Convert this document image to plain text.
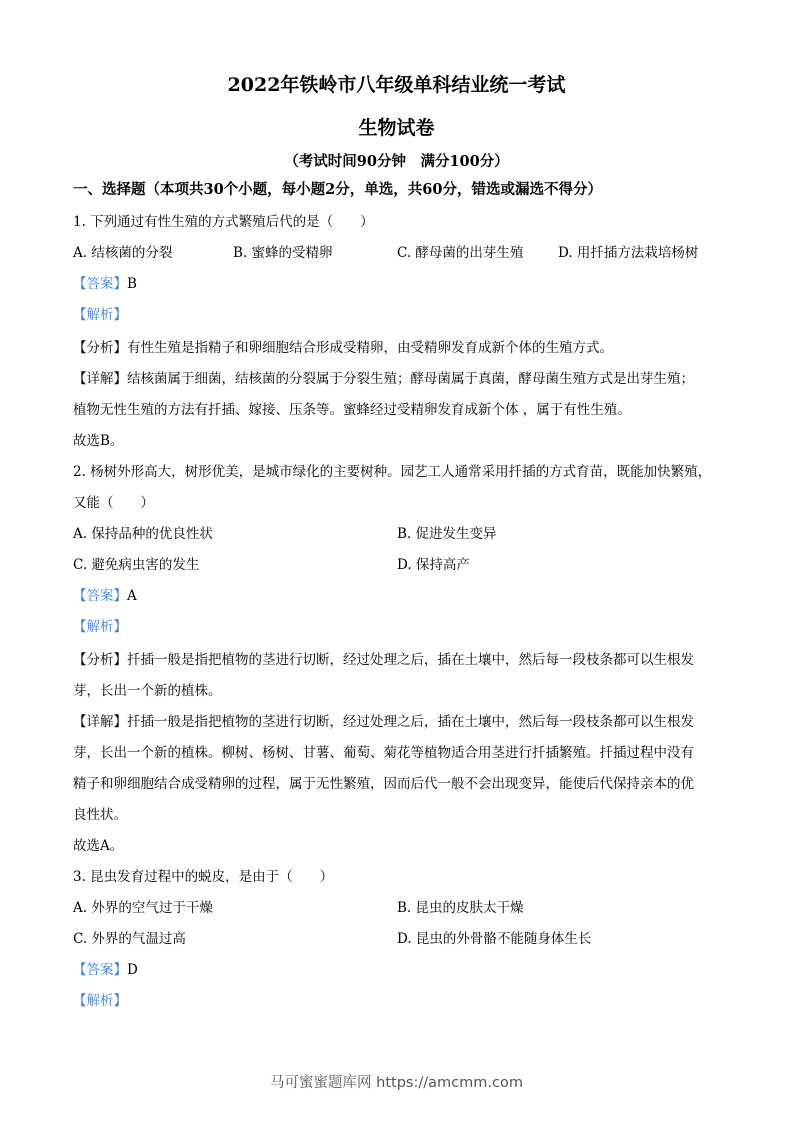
2022年铁岭市八年级单科结业统一考试
生物试卷
（考试时间90分钟　满分100分）
一、选择题（本项共30个小题，每小题2分，单选，共60分，错选或漏选不得分）
1. 下列通过有性生殖的方式繁殖后代的是（　　）
A. 结核菌的分裂	B. 蜜蜂的受精卵	C. 酵母菌的出芽生殖	D. 用扦插方法栽培杨树
【答案】B
【解析】
【分析】有性生殖是指精子和卵细胞结合形成受精卵，由受精卵发育成新个体的生殖方式。
【详解】结核菌属于细菌，结核菌的分裂属于分裂生殖；酵母菌属于真菌，酵母菌生殖方式是出芽生殖；
植物无性生殖的方法有扦插、嫁接、压条等。蜜蜂经过受精卵发育成新个体 ，属于有性生殖。
故选B。
2. 杨树外形高大，树形优美，是城市绿化的主要树种。园艺工人通常采用扦插的方式育苗，既能加快繁殖，
又能（　　）
A. 保持品种的优良性状	B. 促进发生变异
C. 避免病虫害的发生	D. 保持高产
【答案】A
【解析】
【分析】扦插一般是指把植物的茎进行切断，经过处理之后，插在土壤中，然后每一段枝条都可以生根发
芽，长出一个新的植株。
【详解】扦插一般是指把植物的茎进行切断，经过处理之后，插在土壤中，然后每一段枝条都可以生根发
芽，长出一个新的植株。柳树、杨树、甘薯、葡萄、菊花等植物适合用茎进行扦插繁殖。扦插过程中没有
精子和卵细胞结合成受精卵的过程，属于无性繁殖，因而后代一般不会出现变异，能使后代保持亲本的优
良性状。
故选A。
3. 昆虫发育过程中的蜕皮，是由于（　　）
A. 外界的空气过于干燥	B. 昆虫的皮肤太干燥
C. 外界的气温过高	D. 昆虫的外骨骼不能随身体生长
【答案】D
【解析】
马可蜜蜜题库网 https://amcmm.com
